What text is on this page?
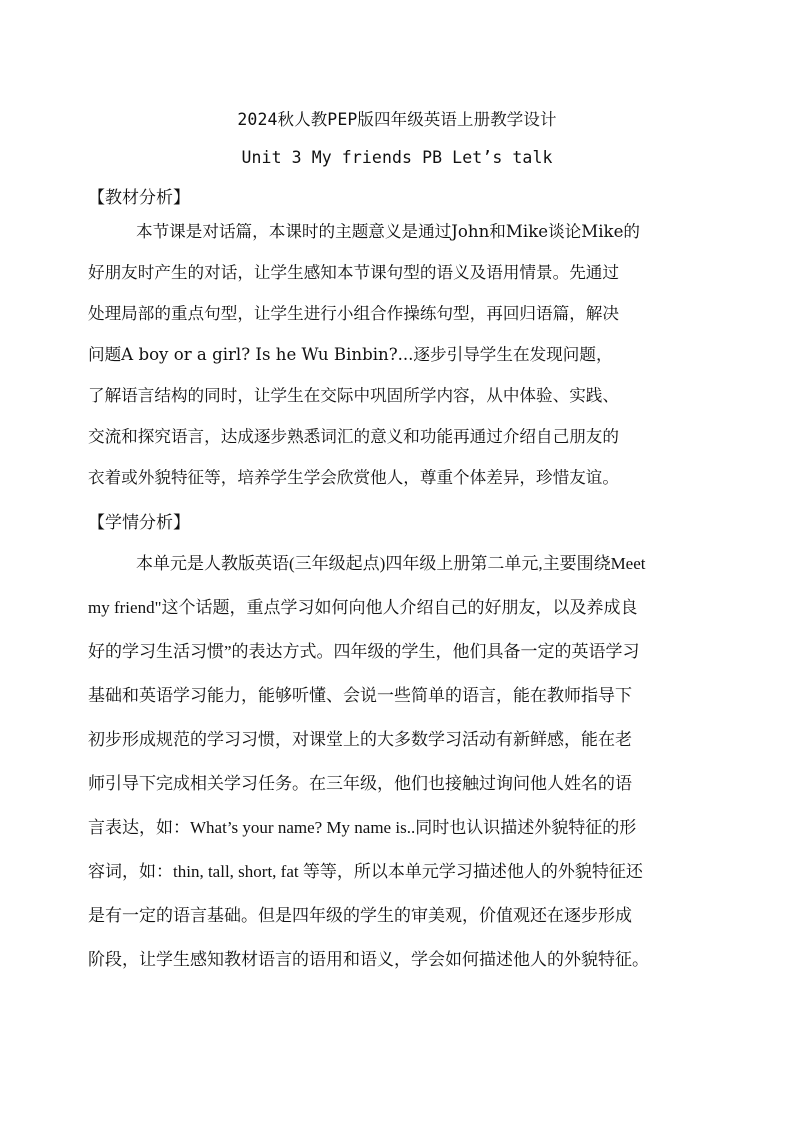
2024秋人教PEP版四年级英语上册教学设计
Unit 3 My friends PB Let’s talk
【教材分析】
本节课是对话篇，本课时的主题意义是通过John和Mike谈论Mike的
好朋友时产生的对话，让学生感知本节课句型的语义及语用情景。先通过
处理局部的重点句型，让学生进行小组合作操练句型，再回归语篇，解决
问题A boy or a girl? Is he Wu Binbin?...逐步引导学生在发现问题，
了解语言结构的同时，让学生在交际中巩固所学内容，从中体验、实践、
交流和探究语言，达成逐步熟悉词汇的意义和功能再通过介绍自己朋友的
衣着或外貌特征等，培养学生学会欣赏他人，尊重个体差异，珍惜友谊。
【学情分析】
本单元是人教版英语(三年级起点)四年级上册第二单元,主要围绕Meet
my friend"这个话题，重点学习如何向他人介绍自己的好朋友，以及养成良
好的学习生活习惯”的表达方式。四年级的学生，他们具备一定的英语学习
基础和英语学习能力，能够听懂、会说一些简单的语言，能在教师指导下
初步形成规范的学习习惯，对课堂上的大多数学习活动有新鲜感，能在老
师引导下完成相关学习任务。在三年级，他们也接触过询问他人姓名的语
言表达，如：What’s your name? My name is..同时也认识描述外貌特征的形
容词，如：thin, tall, short, fat 等等，所以本单元学习描述他人的外貌特征还
是有一定的语言基础。但是四年级的学生的审美观，价值观还在逐步形成
阶段，让学生感知教材语言的语用和语义，学会如何描述他人的外貌特征。
